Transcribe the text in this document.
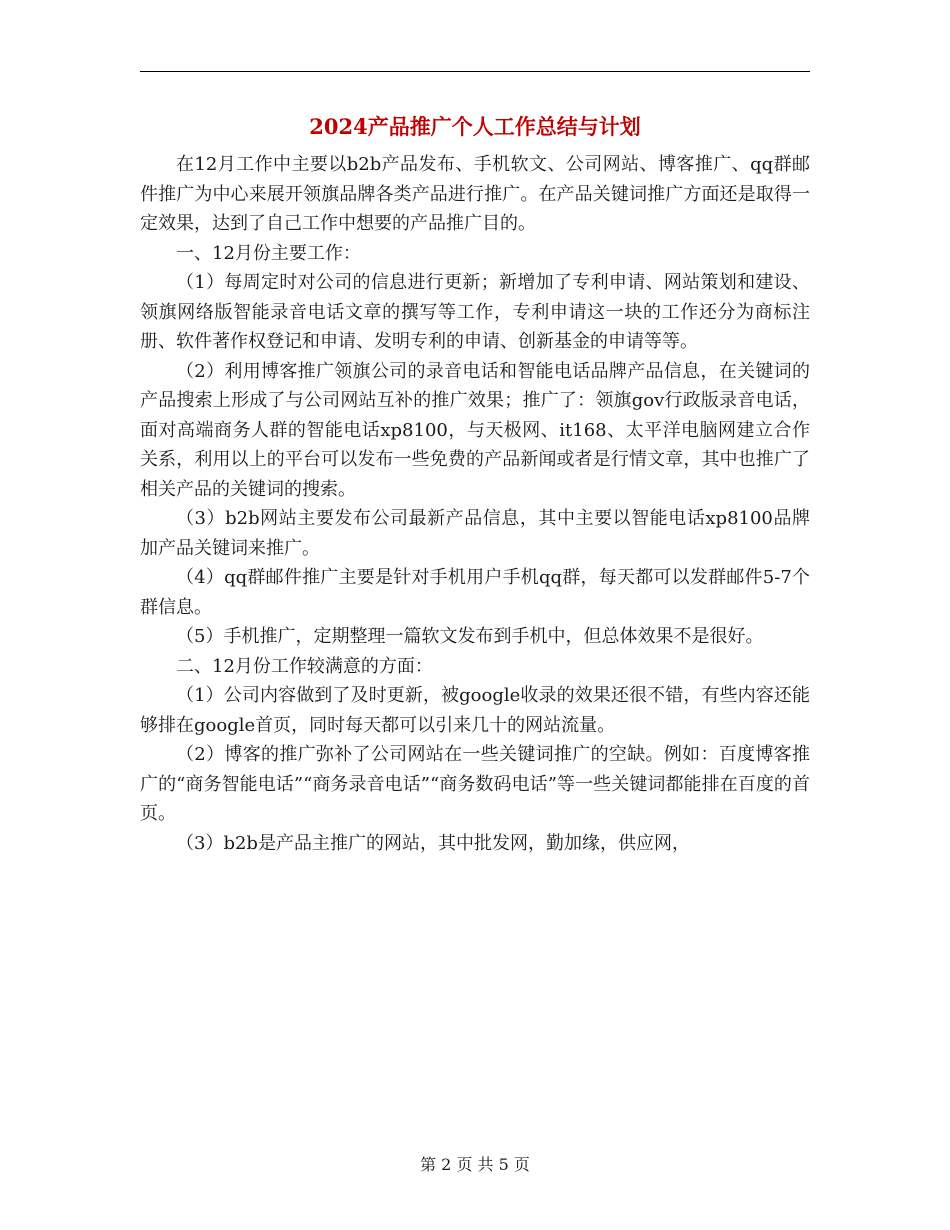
2024产品推广个人工作总结与计划

在12月工作中主要以b2b产品发布、手机软文、公司网站、博客推广、qq群邮件推广为中心来展开领旗品牌各类产品进行推广。在产品关键词推广方面还是取得一定效果，达到了自己工作中想要的产品推广目的。

一、12月份主要工作：

（1）每周定时对公司的信息进行更新；新增加了专利申请、网站策划和建设、领旗网络版智能录音电话文章的撰写等工作，专利申请这一块的工作还分为商标注册、软件著作权登记和申请、发明专利的申请、创新基金的申请等等。

（2）利用博客推广领旗公司的录音电话和智能电话品牌产品信息，在关键词的产品搜索上形成了与公司网站互补的推广效果；推广了：领旗gov行政版录音电话，面对高端商务人群的智能电话xp8100，与天极网、it168、太平洋电脑网建立合作关系，利用以上的平台可以发布一些免费的产品新闻或者是行情文章，其中也推广了相关产品的关键词的搜索。

（3）b2b网站主要发布公司最新产品信息，其中主要以智能电话xp8100品牌加产品关键词来推广。

（4）qq群邮件推广主要是针对手机用户手机qq群，每天都可以发群邮件5-7个群信息。

（5）手机推广，定期整理一篇软文发布到手机中，但总体效果不是很好。

二、12月份工作较满意的方面：

（1）公司内容做到了及时更新，被google收录的效果还很不错，有些内容还能够排在google首页，同时每天都可以引来几十的网站流量。

（2）博客的推广弥补了公司网站在一些关键词推广的空缺。例如：百度博客推广的“商务智能电话”“商务录音电话”“商务数码电话”等一些关键词都能排在百度的首页。

（3）b2b是产品主推广的网站，其中批发网，勤加缘，供应网，

第 2 页 共 5 页
